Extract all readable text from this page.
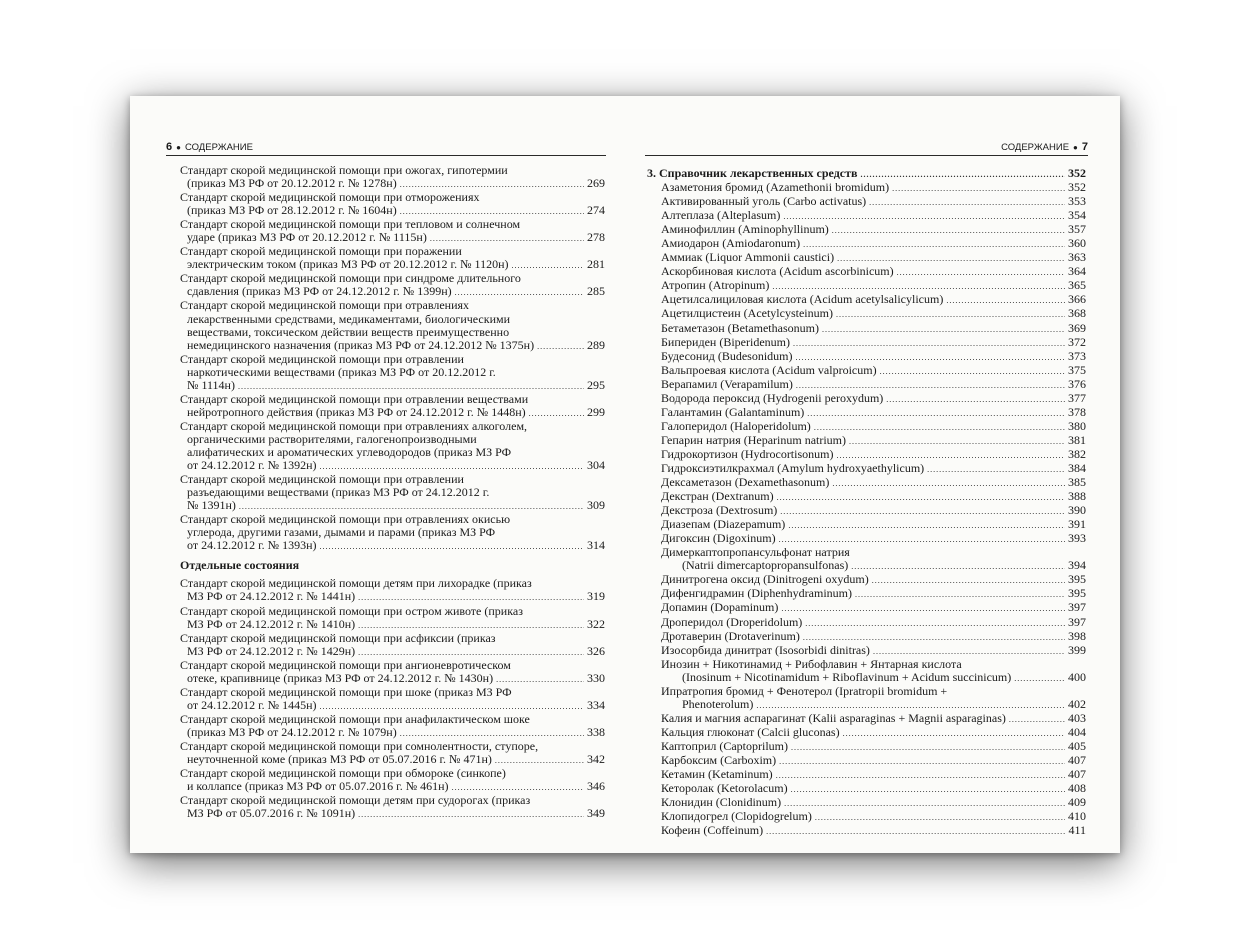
6 ● СОДЕРЖАНИЕ
Стандарт скорой медицинской помощи при ожогах, гипотермии
(приказ МЗ РФ от 20.12.2012 г. № 1278н) . . .	269
Стандарт скорой медицинской помощи при отморожениях
(приказ МЗ РФ от 28.12.2012 г. № 1604н) . . .	274
Стандарт скорой медицинской помощи при тепловом и солнечном
ударе (приказ МЗ РФ от 20.12.2012 г. № 1115н) . . .	278
Стандарт скорой медицинской помощи при поражении
электрическим током (приказ МЗ РФ от 20.12.2012 г. № 1120н) . . .	281
Стандарт скорой медицинской помощи при синдроме длительного
сдавления (приказ МЗ РФ от 24.12.2012 г. № 1399н) . . .	285
Стандарт скорой медицинской помощи при отравлениях
лекарственными средствами, медикаментами, биологическими
веществами, токсическом действии веществ преимущественно
немедицинского назначения (приказ МЗ РФ от 24.12.2012 № 1375н) . . .	289
Стандарт скорой медицинской помощи при отравлении
наркотическими веществами (приказ МЗ РФ от 20.12.2012 г.
№ 1114н) . . .	295
Стандарт скорой медицинской помощи при отравлении веществами
нейротропного действия (приказ МЗ РФ от 24.12.2012 г. № 1448н) . . .	299
Стандарт скорой медицинской помощи при отравлениях алкоголем,
органическими растворителями, галогенопроизводными
алифатических и ароматических углеводородов (приказ МЗ РФ
от 24.12.2012 г. № 1392н) . . .	304
Стандарт скорой медицинской помощи при отравлении
разъедающими веществами (приказ МЗ РФ от 24.12.2012 г.
№ 1391н) . . .	309
Стандарт скорой медицинской помощи при отравлениях окисью
углерода, другими газами, дымами и парами (приказ МЗ РФ
от 24.12.2012 г. № 1393н) . . .	314
Отдельные состояния
Стандарт скорой медицинской помощи детям при лихорадке (приказ
МЗ РФ от 24.12.2012 г. № 1441н) . . .	319
Стандарт скорой медицинской помощи при остром животе (приказ
МЗ РФ от 24.12.2012 г. № 1410н) . . .	322
Стандарт скорой медицинской помощи при асфиксии (приказ
МЗ РФ от 24.12.2012 г. № 1429н) . . .	326
Стандарт скорой медицинской помощи при ангионевротическом
отеке, крапивнице (приказ МЗ РФ от 24.12.2012 г. № 1430н) . . .	330
Стандарт скорой медицинской помощи при шоке (приказ МЗ РФ
от 24.12.2012 г. № 1445н) . . .	334
Стандарт скорой медицинской помощи при анафилактическом шоке
(приказ МЗ РФ от 24.12.2012 г. № 1079н) . . .	338
Стандарт скорой медицинской помощи при сомнолентности, ступоре,
неуточненной коме (приказ МЗ РФ от 05.07.2016 г. № 471н) . . .	342
Стандарт скорой медицинской помощи при обмороке (синкопе)
и коллапсе (приказ МЗ РФ от 05.07.2016 г. № 461н) . . .	346
Стандарт скорой медицинской помощи детям при судорогах (приказ
МЗ РФ от 05.07.2016 г. № 1091н) . . .	349
СОДЕРЖАНИЕ ● 7
3. Справочник лекарственных средств . . .	352
Азаметония бромид (Azamethonii bromidum) . . .	352
Активированный уголь (Carbo activatus) . . .	353
Алтеплаза (Alteplasum) . . .	354
Аминофиллин (Aminophyllinum) . . .	357
Амиодарон (Amiodaronum) . . .	360
Аммиак (Liquor Ammonii caustici) . . .	363
Аскорбиновая кислота (Acidum ascorbinicum) . . .	364
Атропин (Atropinum) . . .	365
Ацетилсалициловая кислота (Acidum acetylsalicylicum) . . .	366
Ацетилцистеин (Acetylcysteinum) . . .	368
Бетаметазон (Betamethasonum) . . .	369
Бипериден (Biperidenum) . . .	372
Будесонид (Budesonidum) . . .	373
Вальпроевая кислота (Acidum valproicum) . . .	375
Верапамил (Verapamilum) . . .	376
Водорода пероксид (Hydrogenii peroxydum) . . .	377
Галантамин (Galantaminum) . . .	378
Галоперидол (Haloperidolum) . . .	380
Гепарин натрия (Heparinum natrium) . . .	381
Гидрокортизон (Hydrocortisonum) . . .	382
Гидроксиэтилкрахмал (Amylum hydroxyaethylicum) . . .	384
Дексаметазон (Dexamethasonum) . . .	385
Декстран (Dextranum) . . .	388
Декстроза (Dextrosum) . . .	390
Диазепам (Diazepamum) . . .	391
Дигоксин (Digoxinum) . . .	393
Димеркаптопропансульфонат натрия
(Natrii dimercaptopropansulfonas) . . .	394
Динитрогена оксид (Dinitrogeni oxydum) . . .	395
Дифенгидрамин (Diphenhydraminum) . . .	395
Допамин (Dopaminum) . . .	397
Дроперидол (Droperidolum) . . .	397
Дротаверин (Drotaverinum) . . .	398
Изосорбида динитрат (Isosorbidi dinitras) . . .	399
Инозин + Никотинамид + Рибофлавин + Янтарная кислота
(Inosinum + Nicotinamidum + Riboflavinum + Acidum succinicum) . . .	400
Ипратропия бромид + Фенотерол (Ipratropii bromidum +
Phenoterolum) . . .	402
Калия и магния аспарагинат (Kalii asparaginas + Magnii asparaginas) . . .	403
Кальция глюконат (Calcii gluconas) . . .	404
Каптоприл (Captoprilum) . . .	405
Карбоксим (Carboxim) . . .	407
Кетамин (Ketaminum) . . .	407
Кеторолак (Ketorolacum) . . .	408
Клонидин (Clonidinum) . . .	409
Клопидогрел (Clopidogrelum) . . .	410
Кофеин (Coffeinum) . . .	411
